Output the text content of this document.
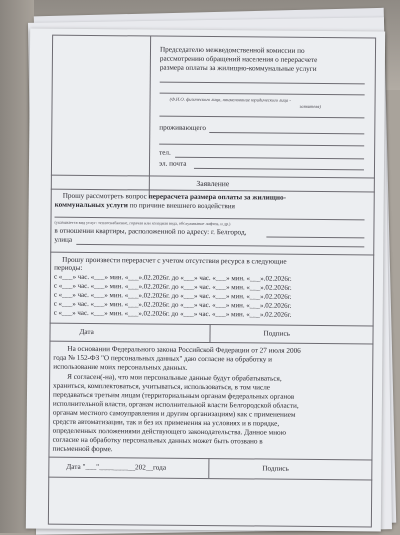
Председателю межведомственной комиссии по
рассмотрению обращений населения о перерасчете
размера оплаты за жилищно-коммунальные услуги
(Ф.И.О. физического лица, наименование юридического лица -
заявителя)
проживающего
тел.
эл. почта
Заявление
Прошу рассмотреть вопрос перерасчета размера оплаты за жилищно-
коммунальных услуги по причине внешнего воздействия
(указывается вид услуг: теплоснабжение, горячая или холодная вода, обслуживание лифтов, и др.)
в отношении квартиры, расположенной по адресу: г. Белгород,
улица
Прошу произвести перерасчет с учетом отсутствия ресурса в следующие
периоды:
с «___» час. «___» мин. «___».02.2026г. до «___» час. «___» мин. «___».02.2026г.
с «___» час. «___» мин. «___».02.2026г. до «___» час. «___» мин. «___».02.2026г.
с «___» час. «___» мин. «___».02.2026г. до «___» час. «___» мин. «___».02.2026г.
с «___» час. «___» мин. «___».02.2026г. до «___» час. «___» мин. «___».02.2026г.
с «___» час. «___» мин. «___».02.2026г. до «___» час. «___» мин. «___».02.2026г.
Дата	Подпись
На основании Федерального закона Российской Федерации от 27 июля 2006
года № 152-ФЗ "О персональных данных" даю согласие на обработку и
использование моих персональных данных.
Я согласен(-на), что мои персональные данные будут обрабатываться,
храниться, комплектоваться, учитываться, использоваться, в том числе
передаваться третьим лицам (территориальным органам федеральных органов
исполнительной власти, органам исполнительной власти Белгородской области,
органам местного самоуправления и другим организациям) как с применением
средств автоматизации, так и без их применения на условиях и в порядке,
определенных положениями действующего законодательства. Данное мною
согласие на обработку персональных данных может быть отозвано в
письменной форме.
Дата "___"__________202__года	Подпись
